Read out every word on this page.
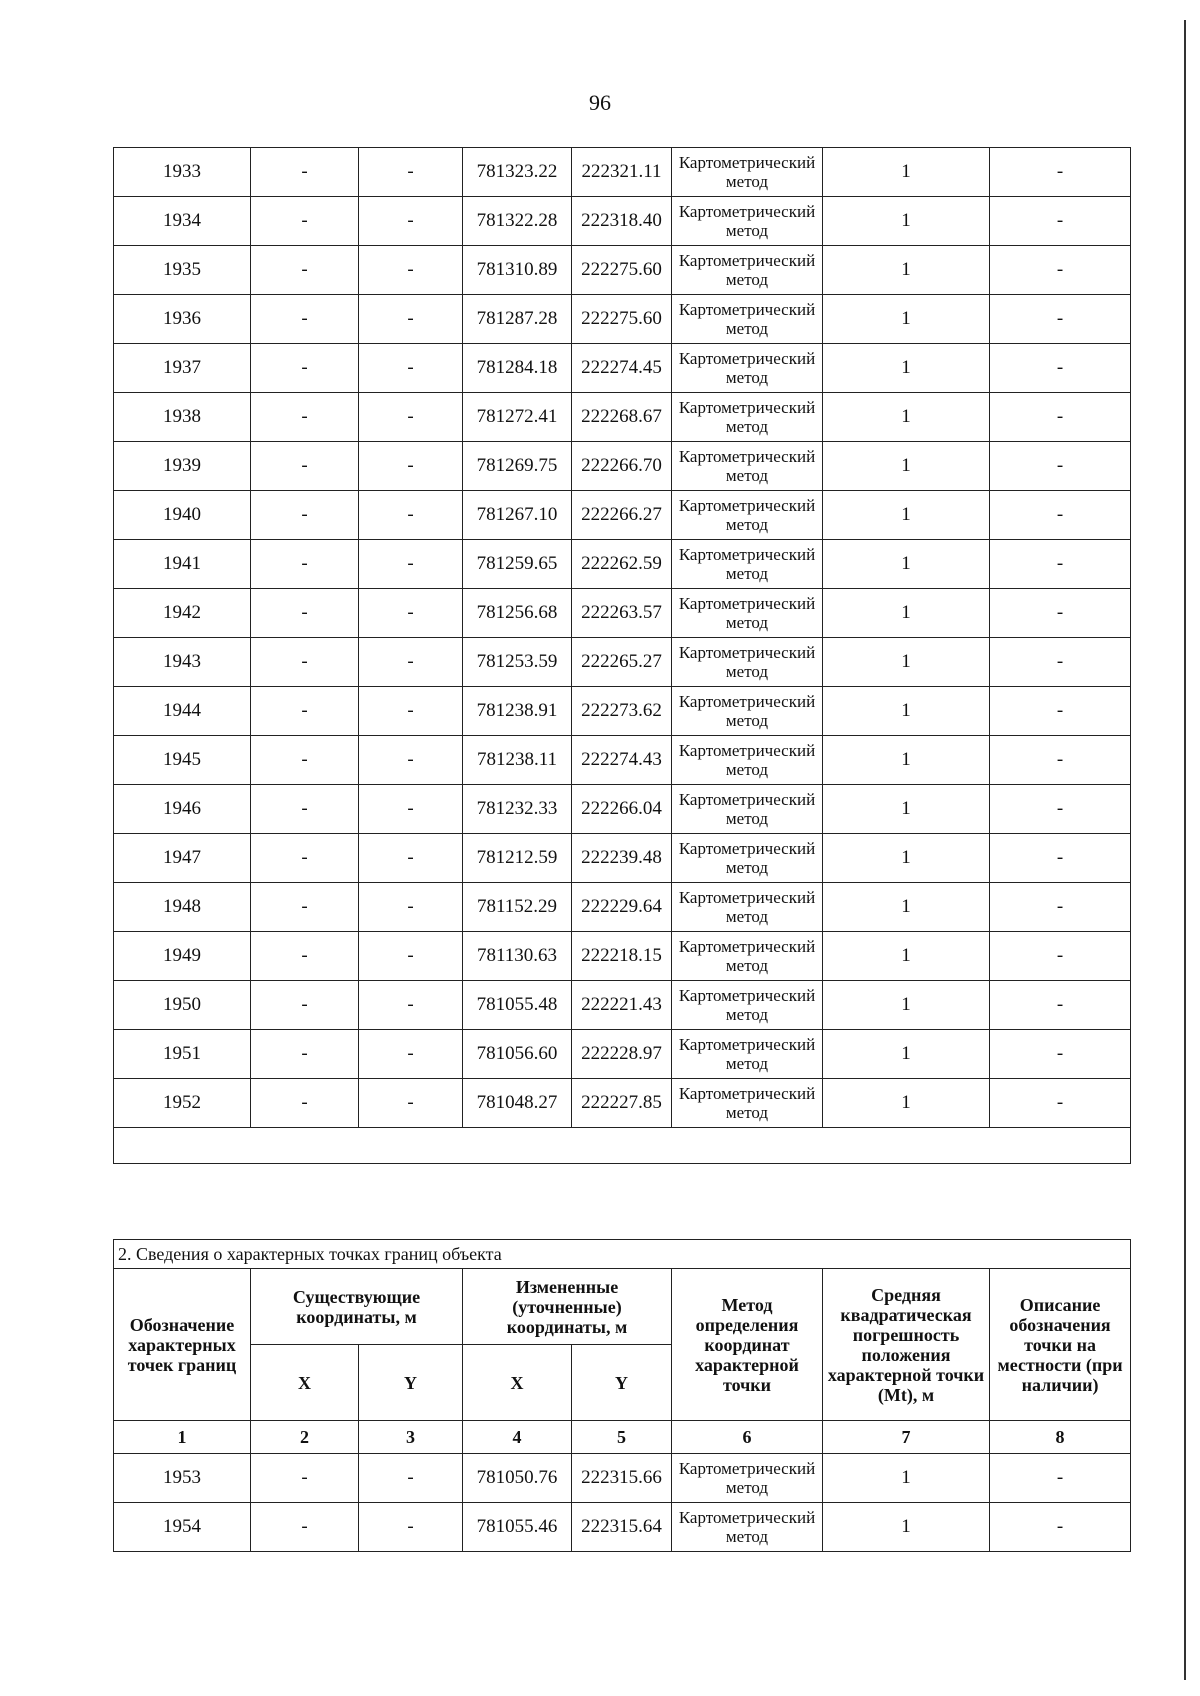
96
1933	-	-	781323.22	222321.11	Картометрический метод	1	-
1934	-	-	781322.28	222318.40	Картометрический метод	1	-
1935	-	-	781310.89	222275.60	Картометрический метод	1	-
1936	-	-	781287.28	222275.60	Картометрический метод	1	-
1937	-	-	781284.18	222274.45	Картометрический метод	1	-
1938	-	-	781272.41	222268.67	Картометрический метод	1	-
1939	-	-	781269.75	222266.70	Картометрический метод	1	-
1940	-	-	781267.10	222266.27	Картометрический метод	1	-
1941	-	-	781259.65	222262.59	Картометрический метод	1	-
1942	-	-	781256.68	222263.57	Картометрический метод	1	-
1943	-	-	781253.59	222265.27	Картометрический метод	1	-
1944	-	-	781238.91	222273.62	Картометрический метод	1	-
1945	-	-	781238.11	222274.43	Картометрический метод	1	-
1946	-	-	781232.33	222266.04	Картометрический метод	1	-
1947	-	-	781212.59	222239.48	Картометрический метод	1	-
1948	-	-	781152.29	222229.64	Картометрический метод	1	-
1949	-	-	781130.63	222218.15	Картометрический метод	1	-
1950	-	-	781055.48	222221.43	Картометрический метод	1	-
1951	-	-	781056.60	222228.97	Картометрический метод	1	-
1952	-	-	781048.27	222227.85	Картометрический метод	1	-

2. Сведения о характерных точках границ объекта							
Обозначение характерных точек границ	Существующие координаты, м		Измененные (уточненные) координаты, м		Метод определения координат характерной точки	Средняя квадратическая погрешность положения характерной точки (Mt), м	Описание обозначения точки на местности (при наличии)
	X	Y	X	Y			
1	2	3	4	5	6	7	8
1953	-	-	781050.76	222315.66	Картометрический метод	1	-
1954	-	-	781055.46	222315.64	Картометрический метод	1	-
